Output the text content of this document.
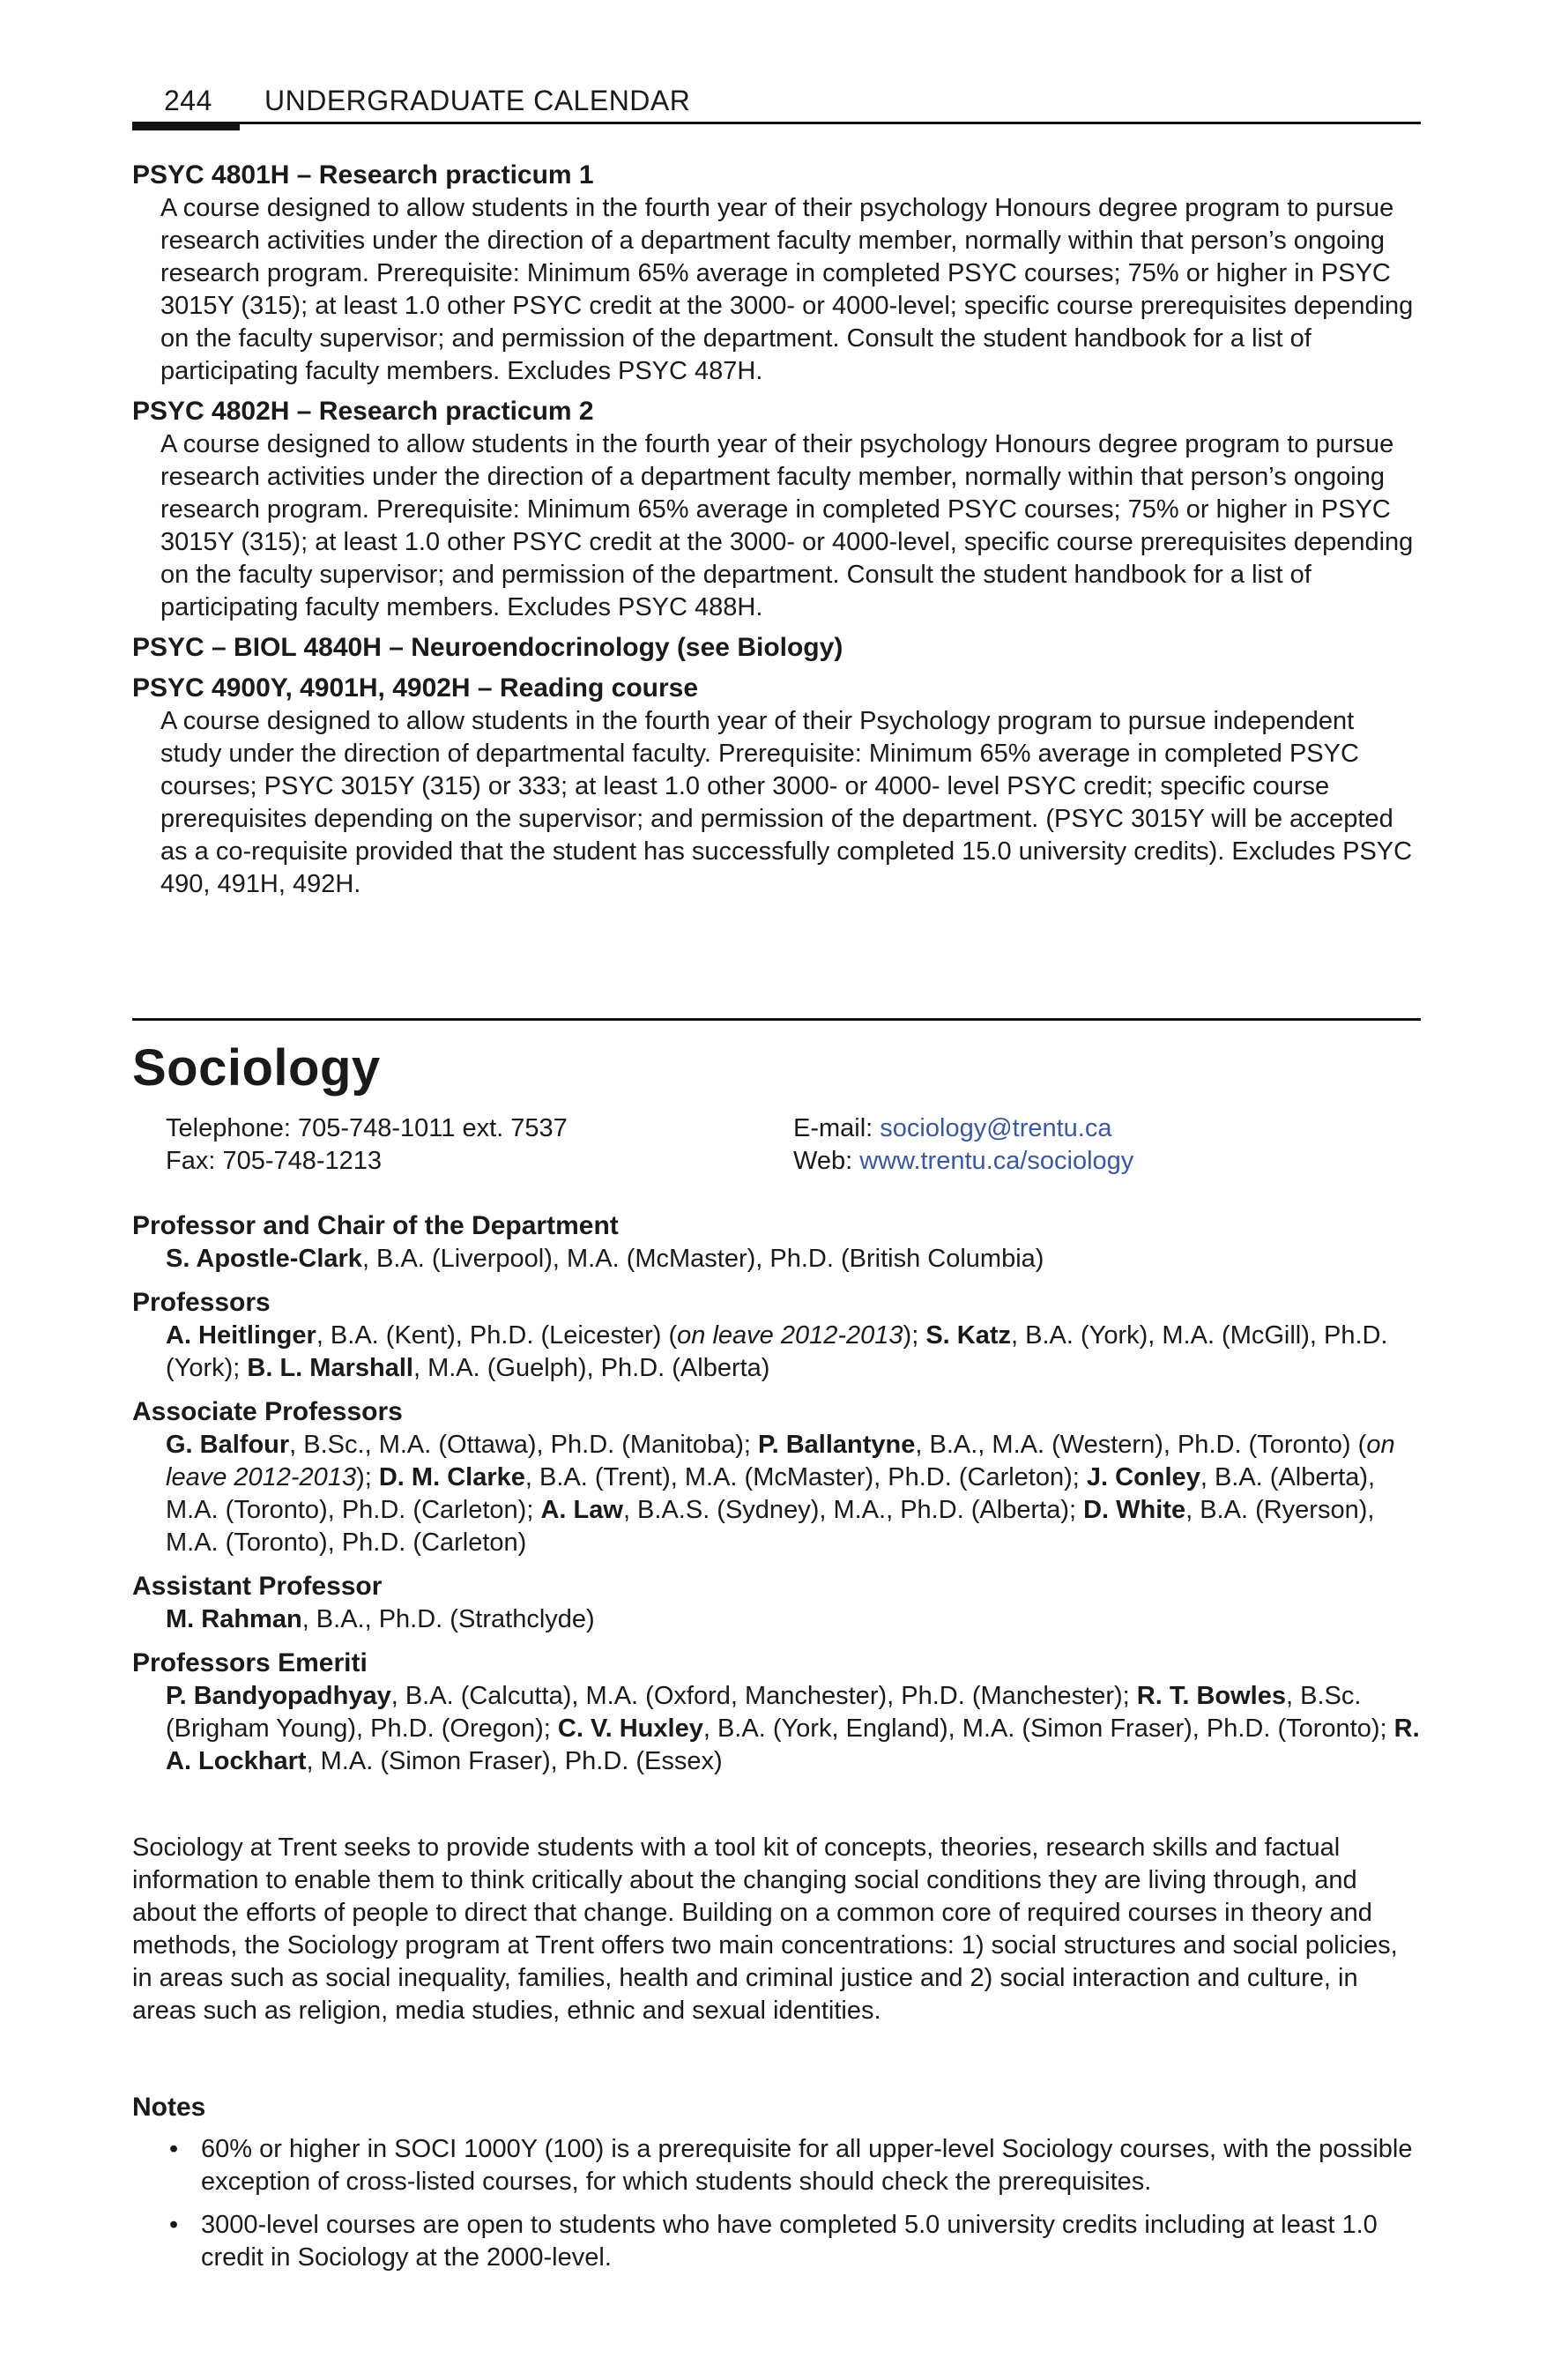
244 UNDERGRADUATE CALENDAR
PSYC 4801H – Research practicum 1

A course designed to allow students in the fourth year of their psychology Honours degree program to pursue research activities under the direction of a department faculty member, normally within that person’s ongoing research program. Prerequisite: Minimum 65% average in completed PSYC courses; 75% or higher in PSYC 3015Y (315); at least 1.0 other PSYC credit at the 3000- or 4000-level; specific course prerequisites depending on the faculty supervisor; and permission of the department. Consult the student handbook for a list of participating faculty members. Excludes PSYC 487H.

PSYC 4802H – Research practicum 2

A course designed to allow students in the fourth year of their psychology Honours degree program to pursue research activities under the direction of a department faculty member, normally within that person’s ongoing research program. Prerequisite: Minimum 65% average in completed PSYC courses; 75% or higher in PSYC 3015Y (315); at least 1.0 other PSYC credit at the 3000- or 4000-level, specific course prerequisites depending on the faculty supervisor; and permission of the department. Consult the student handbook for a list of participating faculty members. Excludes PSYC 488H.

PSYC – BIOL 4840H – Neuroendocrinology (see Biology)
PSYC 4900Y, 4901H, 4902H – Reading course

A course designed to allow students in the fourth year of their Psychology program to pursue independent study under the direction of departmental faculty. Prerequisite: Minimum 65% average in completed PSYC courses; PSYC 3015Y (315) or 333; at least 1.0 other 3000- or 4000- level PSYC credit; specific course prerequisites depending on the supervisor; and permission of the department. (PSYC 3015Y will be accepted as a co-requisite provided that the student has successfully completed 15.0 university credits). Excludes PSYC 490, 491H, 492H.

Sociology
Telephone: 705-748-1011 ext. 7537
Fax: 705-748-1213
E-mail: sociology@trentu.ca
Web: www.trentu.ca/sociology
Professor and Chair of the Department

S. Apostle-Clark, B.A. (Liverpool), M.A. (McMaster), Ph.D. (British Columbia)

Professors

A. Heitlinger, B.A. (Kent), Ph.D. (Leicester) (on leave 2012-2013); S. Katz, B.A. (York), M.A. (McGill), Ph.D. (York); B. L. Marshall, M.A. (Guelph), Ph.D. (Alberta)

Associate Professors

G. Balfour, B.Sc., M.A. (Ottawa), Ph.D. (Manitoba); P. Ballantyne, B.A., M.A. (Western), Ph.D. (Toronto) (on leave 2012-2013); D. M. Clarke, B.A. (Trent), M.A. (McMaster), Ph.D. (Carleton); J. Conley, B.A. (Alberta), M.A. (Toronto), Ph.D. (Carleton); A. Law, B.A.S. (Sydney), M.A., Ph.D. (Alberta); D. White, B.A. (Ryerson), M.A. (Toronto), Ph.D. (Carleton)

Assistant Professor

M. Rahman, B.A., Ph.D. (Strathclyde)

Professors Emeriti

P. Bandyopadhyay, B.A. (Calcutta), M.A. (Oxford, Manchester), Ph.D. (Manchester); R. T. Bowles, B.Sc. (Brigham Young), Ph.D. (Oregon); C. V. Huxley, B.A. (York, England), M.A. (Simon Fraser), Ph.D. (Toronto); R. A. Lockhart, M.A. (Simon Fraser), Ph.D. (Essex)

Sociology at Trent seeks to provide students with a tool kit of concepts, theories, research skills and factual information to enable them to think critically about the changing social conditions they are living through, and about the efforts of people to direct that change. Building on a common core of required courses in theory and methods, the Sociology program at Trent offers two main concentrations: 1) social structures and social policies, in areas such as social inequality, families, health and criminal justice and 2) social interaction and culture, in areas such as religion, media studies, ethnic and sexual identities.

Notes
• 60% or higher in SOCI 1000Y (100) is a prerequisite for all upper-level Sociology courses, with the possible exception of cross-listed courses, for which students should check the prerequisites.
• 3000-level courses are open to students who have completed 5.0 university credits including at least 1.0 credit in Sociology at the 2000-level.
